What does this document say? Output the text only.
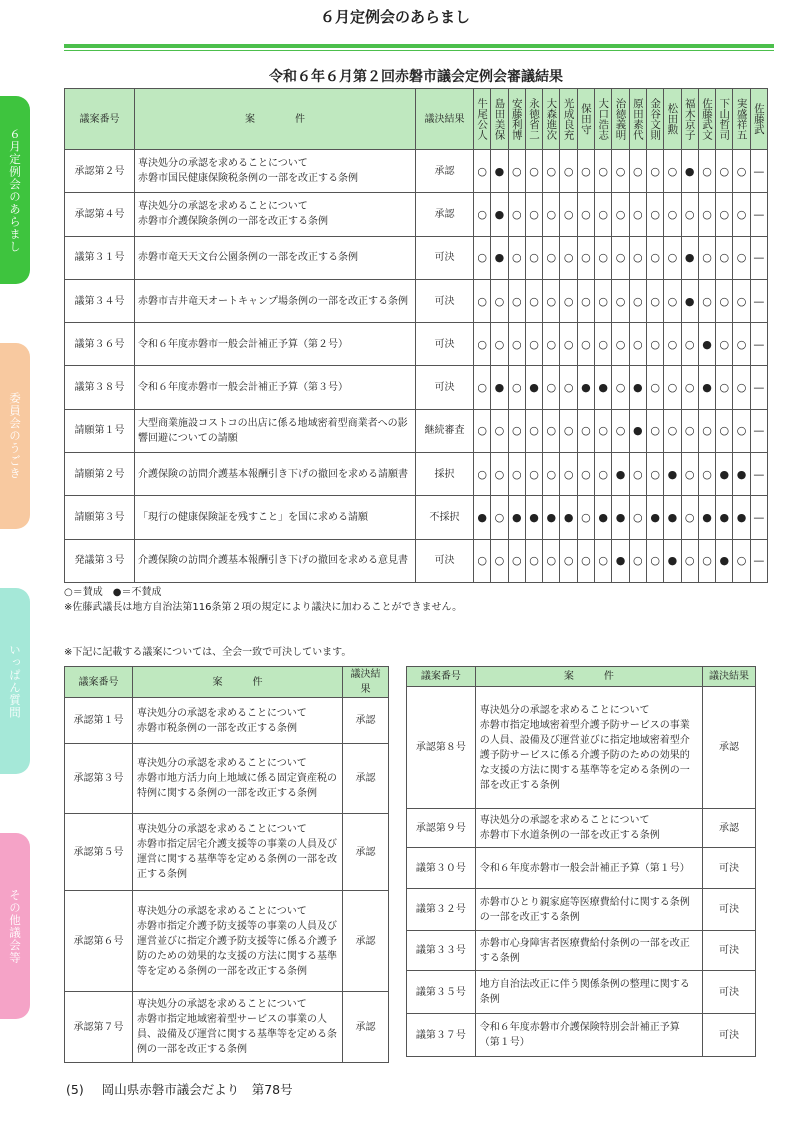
６月定例会のあらまし
６月定例会のあらまし
委員会のうごき
いっぱん質問
その他議会等
令和６年６月第２回赤磐市議会定例会審議結果
議案番号	案　　　　件	議決結果	牛尾公人	島田美保	安藤利博	永徳省二	大森進次	光成良充	保田守	大口浩志	治徳義明	原田素代	金谷文則	松田勲	福木京子	佐藤武文	下山哲司	実盛祥五	佐藤武

承認第２号	専決処分の承認を求めることについて
赤磐市国民健康保険税条例の一部を改正する条例	承認	○	●	○	○	○	○	○	○	○	○	○	○	●	○	○	○	—
承認第４号	専決処分の承認を求めることについて
赤磐市介護保険条例の一部を改正する条例	承認	○	●	○	○	○	○	○	○	○	○	○	○	○	○	○	○	—
議第３１号	赤磐市竜天天文台公園条例の一部を改正する条例	可決	○	●	○	○	○	○	○	○	○	○	○	○	●	○	○	○	—
議第３４号	赤磐市吉井竜天オートキャンプ場条例の一部を改正する条例	可決	○	○	○	○	○	○	○	○	○	○	○	○	●	○	○	○	—
議第３６号	令和６年度赤磐市一般会計補正予算（第２号）	可決	○	○	○	○	○	○	○	○	○	○	○	○	○	●	○	○	—
議第３８号	令和６年度赤磐市一般会計補正予算（第３号）	可決	○	●	○	●	○	○	●	●	○	●	○	○	○	●	○	○	—
請願第１号	大型商業施設コストコの出店に係る地域密着型商業者への影響回避についての請願	継続審査	○	○	○	○	○	○	○	○	○	●	○	○	○	○	○	○	—
請願第２号	介護保険の訪問介護基本報酬引き下げの撤回を求める請願書	採択	○	○	○	○	○	○	○	○	●	○	○	●	○	○	●	●	—
請願第３号	「現行の健康保険証を残すこと」を国に求める請願	不採択	●	○	●	●	●	●	○	●	●	○	●	●	○	●	●	●	—
発議第３号	介護保険の訪問介護基本報酬引き下げの撤回を求める意見書	可決	○	○	○	○	○	○	○	○	●	○	○	●	○	○	●	○	—
○＝賛成　●＝不賛成
※佐藤武議長は地方自治法第116条第２項の規定により議決に加わることができません。
※下記に記載する議案については、全会一致で可決しています。
議案番号	案　　　件	議決結果
承認第１号	専決処分の承認を求めることについて
赤磐市税条例の一部を改正する条例	承認
承認第３号	専決処分の承認を求めることについて
赤磐市地方活力向上地域に係る固定資産税の特例に関する条例の一部を改正する条例	承認
承認第５号	専決処分の承認を求めることについて
赤磐市指定居宅介護支援等の事業の人員及び運営に関する基準等を定める条例の一部を改正する条例	承認
承認第６号	専決処分の承認を求めることについて
赤磐市指定介護予防支援等の事業の人員及び運営並びに指定介護予防支援等に係る介護予防のための効果的な支援の方法に関する基準等を定める条例の一部を改正する条例	承認
承認第７号	専決処分の承認を求めることについて
赤磐市指定地域密着型サービスの事業の人員、設備及び運営に関する基準等を定める条例の一部を改正する条例	承認
議案番号	案　　　件	議決結果
承認第８号	専決処分の承認を求めることについて
赤磐市指定地域密着型介護予防サービスの事業の人員、設備及び運営並びに指定地域密着型介護予防サービスに係る介護予防のための効果的な支援の方法に関する基準等を定める条例の一部を改正する条例	承認
承認第９号	専決処分の承認を求めることについて
赤磐市下水道条例の一部を改正する条例	承認
議第３０号	令和６年度赤磐市一般会計補正予算（第１号）	可決
議第３２号	赤磐市ひとり親家庭等医療費給付に関する条例の一部を改正する条例	可決
議第３３号	赤磐市心身障害者医療費給付条例の一部を改正する条例	可決
議第３５号	地方自治法改正に伴う関係条例の整理に関する条例	可決
議第３７号	令和６年度赤磐市介護保険特別会計補正予算（第１号）	可決
(5) 岡山県赤磐市議会だより　第78号
